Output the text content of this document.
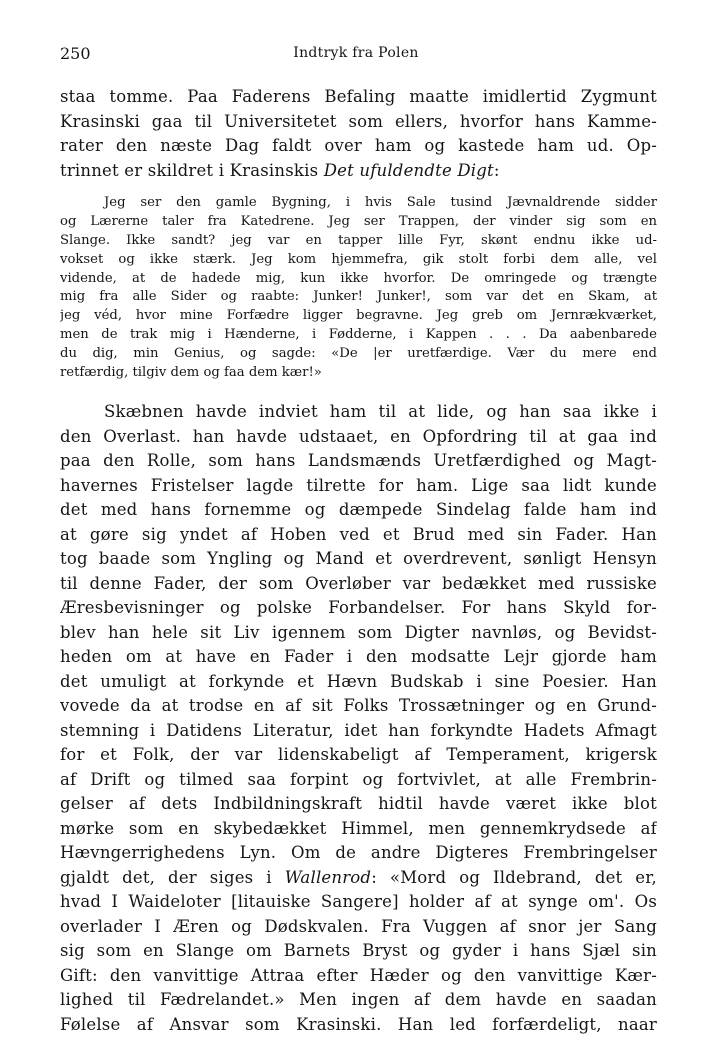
250	Indtryk fra Polen
staa tomme. Paa Faderens Befaling maatte imidlertid Zygmunt
Krasinski gaa til Universitetet som ellers, hvorfor hans Kamme-
rater den næste Dag faldt over ham og kastede ham ud. Op-
trinnet er skildret i Krasinskis Det ufuldendte Digt:
Jeg ser den gamle Bygning, i hvis Sale tusind Jævnaldrende sidder
og Lærerne taler fra Katedrene. Jeg ser Trappen, der vinder sig som en
Slange. Ikke sandt? jeg var en tapper lille Fyr, skønt endnu ikke ud-
vokset og ikke stærk. Jeg kom hjemmefra, gik stolt forbi dem alle, vel
vidende, at de hadede mig, kun ikke hvorfor. De omringede og trængte
mig fra alle Sider og raabte: Junker! Junker!, som var det en Skam, at
jeg véd, hvor mine Forfædre ligger begravne. Jeg greb om Jernrækværket,
men de trak mig i Hænderne, i Fødderne, i Kappen . . . Da aabenbarede
du dig, min Genius, og sagde: «De |er uretfærdige. Vær du mere end
retfærdig, tilgiv dem og faa dem kær!»
Skæbnen havde indviet ham til at lide, og han saa ikke i
den Overlast. han havde udstaaet, en Opfordring til at gaa ind
paa den Rolle, som hans Landsmænds Uretfærdighed og Magt-
havernes Fristelser lagde tilrette for ham. Lige saa lidt kunde
det med hans fornemme og dæmpede Sindelag falde ham ind
at gøre sig yndet af Hoben ved et Brud med sin Fader. Han
tog baade som Yngling og Mand et overdrevent, sønligt Hensyn
til denne Fader, der som Overløber var bedækket med russiske
Æresbevisninger og polske Forbandelser. For hans Skyld for-
blev han hele sit Liv igennem som Digter navnløs, og Bevidst-
heden om at have en Fader i den modsatte Lejr gjorde ham
det umuligt at forkynde et Hævn Budskab i sine Poesier. Han
vovede da at trodse en af sit Folks Trossætninger og en Grund-
stemning i Datidens Literatur, idet han forkyndte Hadets Afmagt
for et Folk, der var lidenskabeligt af Temperament, krigersk
af Drift og tilmed saa forpint og fortvivlet, at alle Frembrin-
gelser af dets Indbildningskraft hidtil havde været ikke blot
mørke som en skybedækket Himmel, men gennemkrydsede af
Hævngerrighedens Lyn. Om de andre Digteres Frembringelser
gjaldt det, der siges i Wallenrod: «Mord og Ildebrand, det er,
hvad I Waideloter [litauiske Sangere] holder af at synge om'. Os
overlader I Æren og Dødskvalen. Fra Vuggen af snor jer Sang
sig som en Slange om Barnets Bryst og gyder i hans Sjæl sin
Gift: den vanvittige Attraa efter Hæder og den vanvittige Kær-
lighed til Fædrelandet.» Men ingen af dem havde en saadan
Følelse af Ansvar som Krasinski. Han led forfærdeligt, naar
